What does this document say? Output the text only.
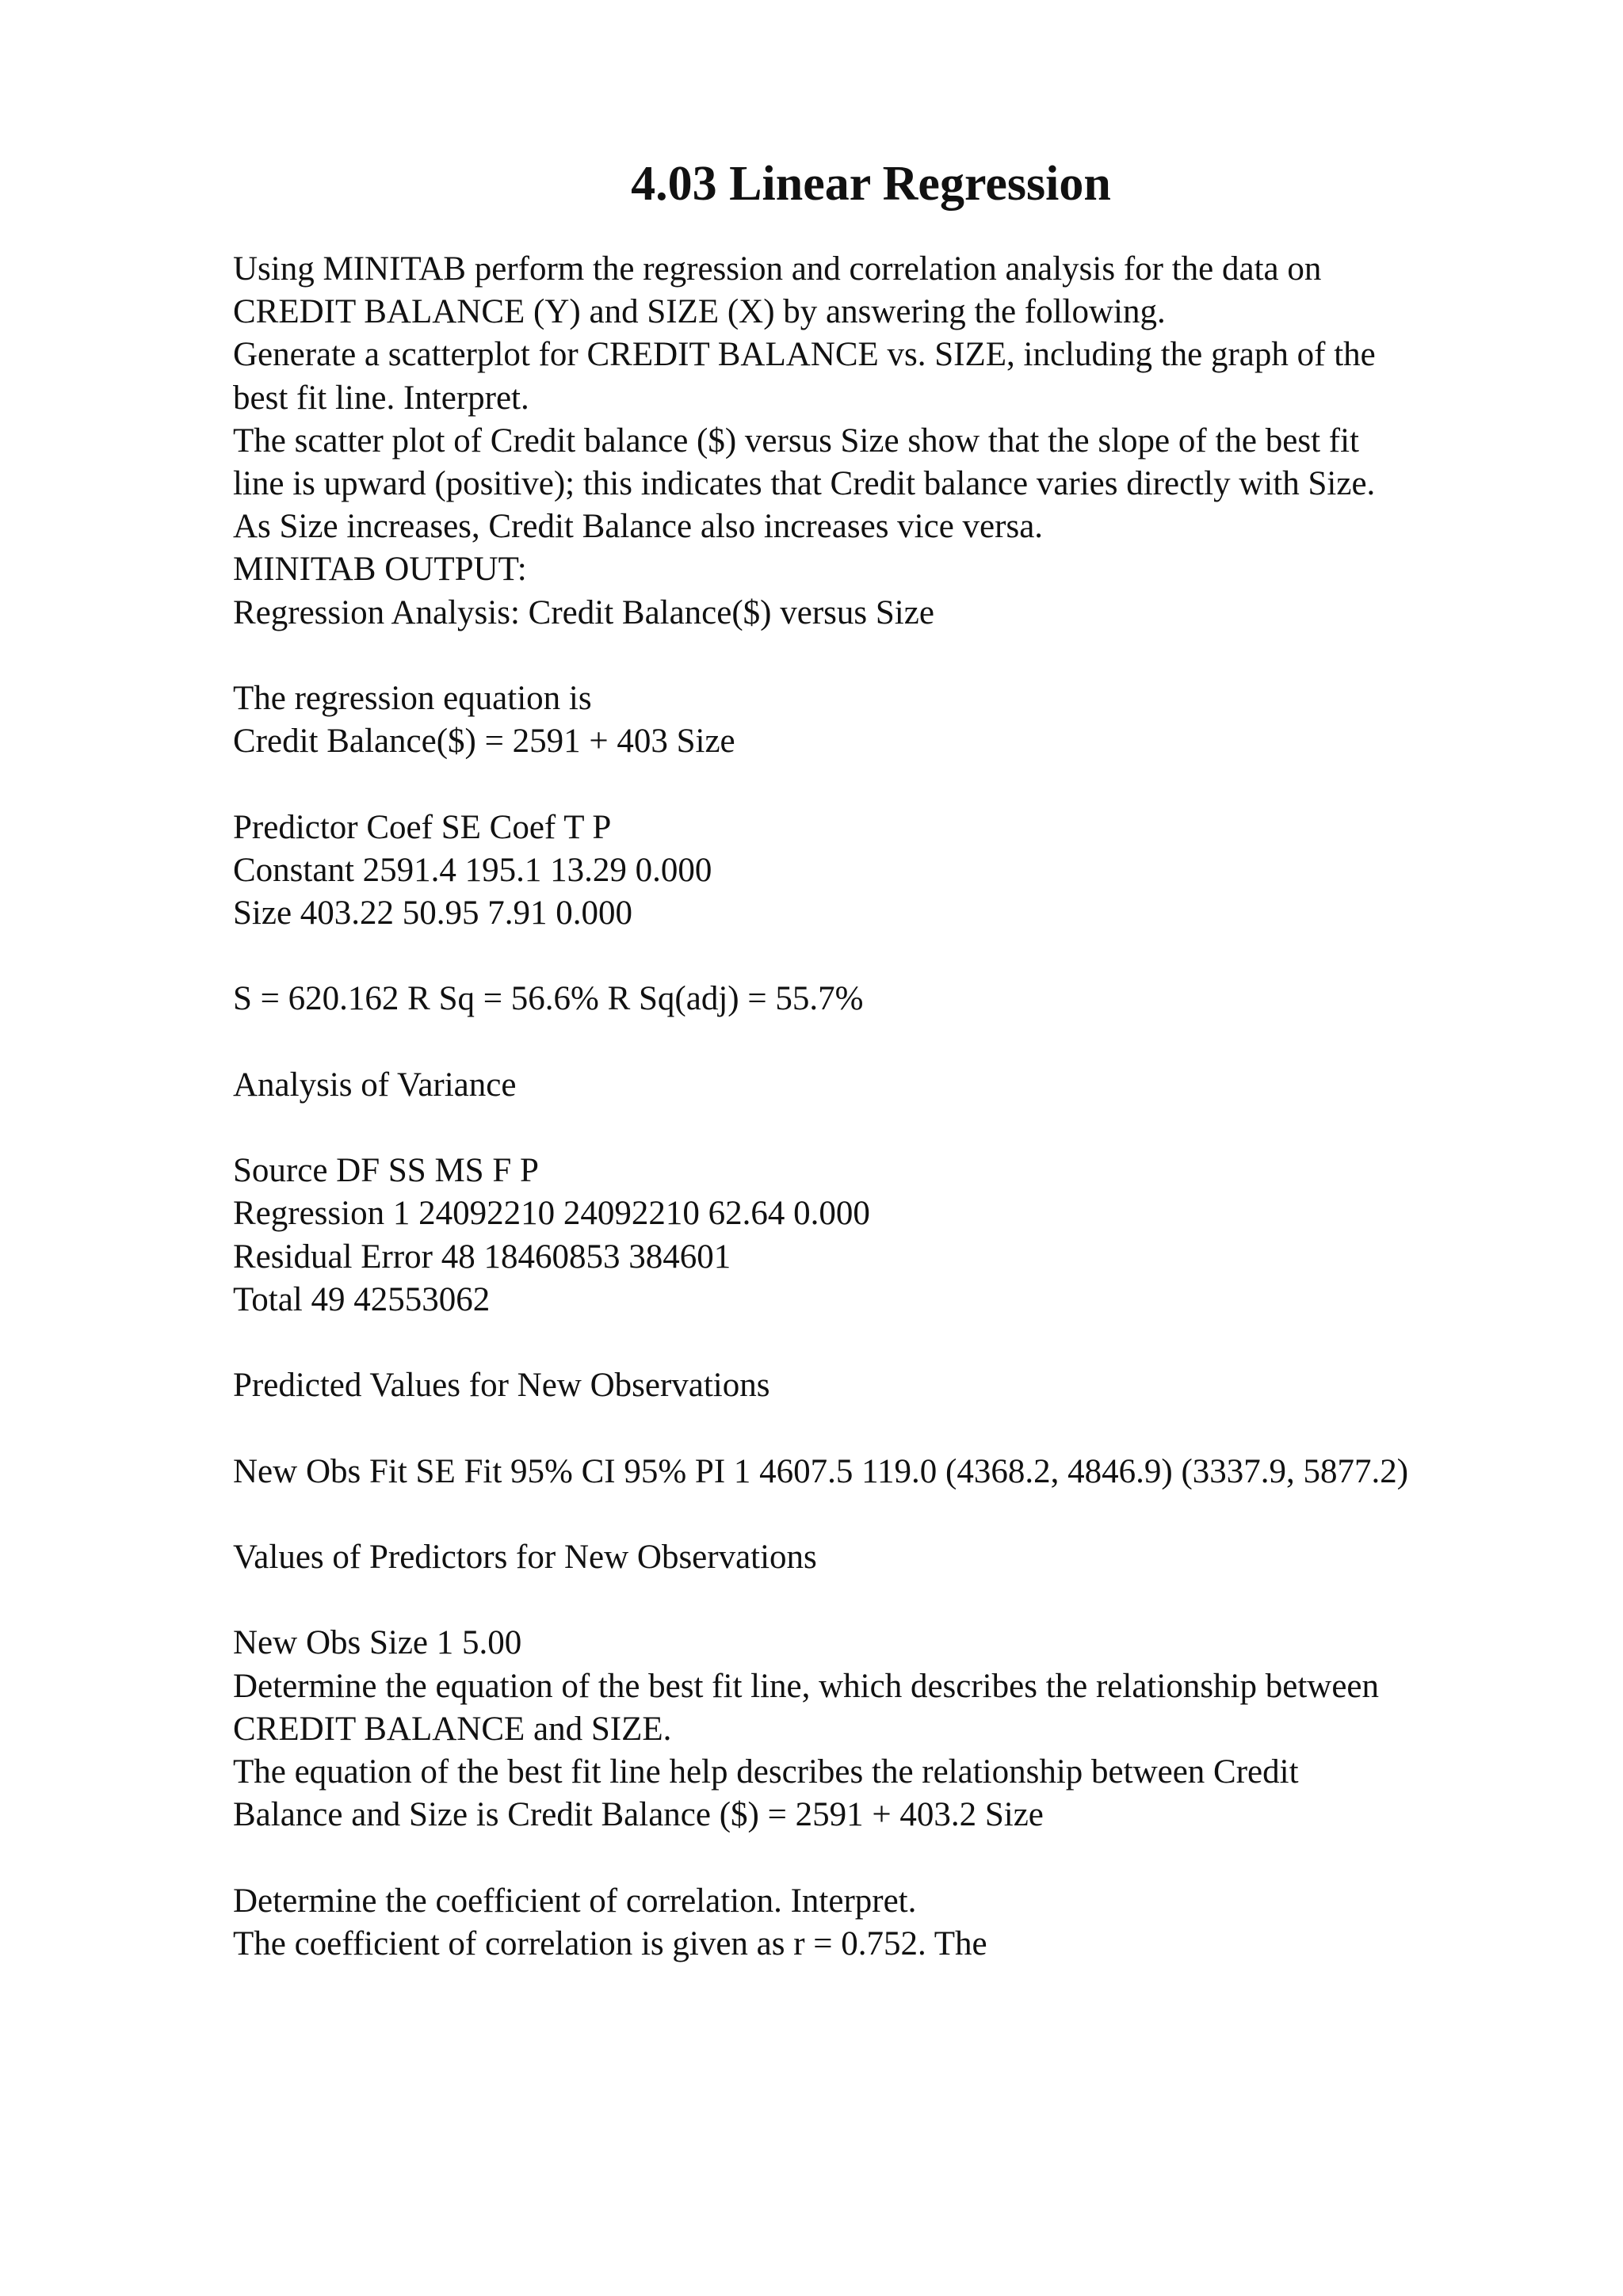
4.03 Linear Regression
Using MINITAB perform the regression and correlation analysis for the data on
CREDIT BALANCE (Y) and SIZE (X) by answering the following.
Generate a scatterplot for CREDIT BALANCE vs. SIZE, including the graph of the
best fit line. Interpret.
The scatter plot of Credit balance ($) versus Size show that the slope of the best fit
line is upward (positive); this indicates that Credit balance varies directly with Size.
As Size increases, Credit Balance also increases vice versa.
MINITAB OUTPUT:
Regression Analysis: Credit Balance($) versus Size
The regression equation is
Credit Balance($) = 2591 + 403 Size
Predictor Coef SE Coef T P
Constant 2591.4 195.1 13.29 0.000
Size 403.22 50.95 7.91 0.000
S = 620.162 R Sq = 56.6% R Sq(adj) = 55.7%
Analysis of Variance
Source DF SS MS F P
Regression 1 24092210 24092210 62.64 0.000
Residual Error 48 18460853 384601
Total 49 42553062
Predicted Values for New Observations
New Obs Fit SE Fit 95% CI 95% PI 1 4607.5 119.0 (4368.2, 4846.9) (3337.9, 5877.2)
Values of Predictors for New Observations
New Obs Size 1 5.00
Determine the equation of the best fit line, which describes the relationship between
CREDIT BALANCE and SIZE.
The equation of the best fit line help describes the relationship between Credit
Balance and Size is Credit Balance ($) = 2591 + 403.2 Size
Determine the coefficient of correlation. Interpret.
The coefficient of correlation is given as r = 0.752. The
